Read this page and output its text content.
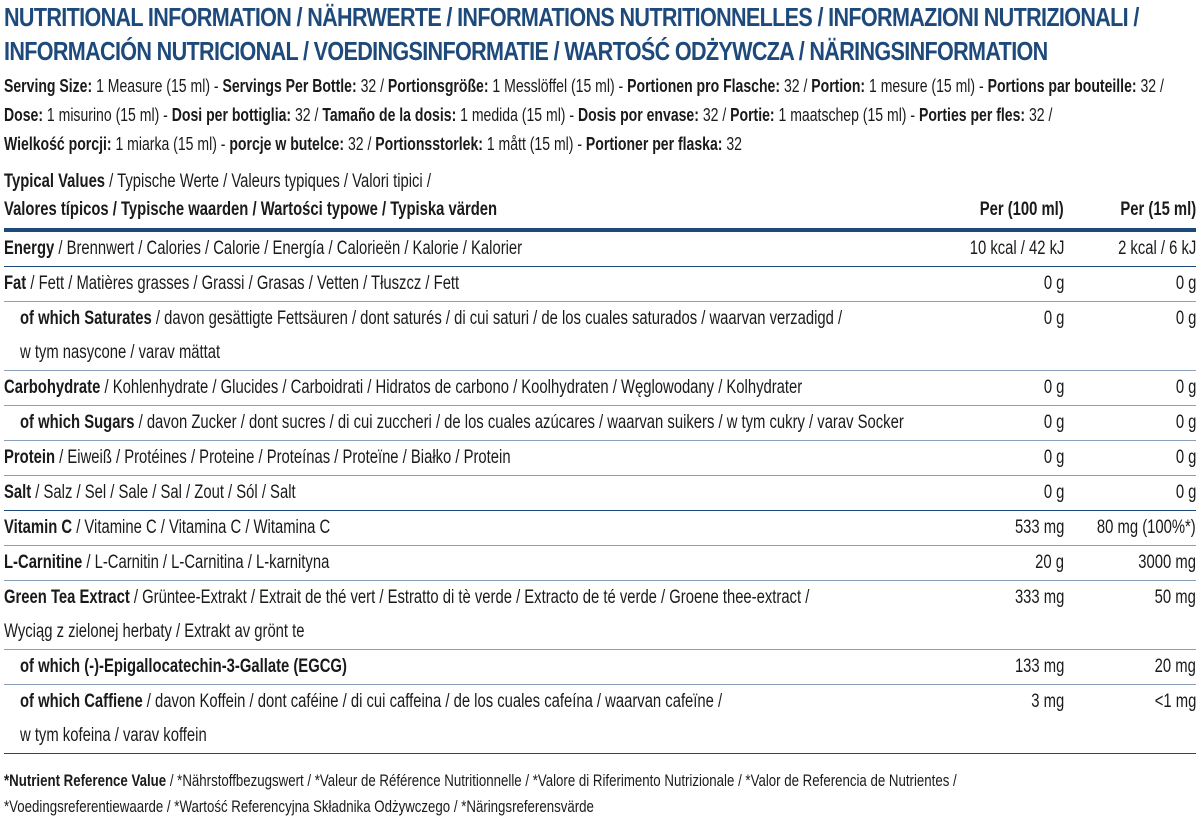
NUTRITIONAL INFORMATION / NÄHRWERTE / INFORMATIONS NUTRITIONNELLES / INFORMAZIONI NUTRIZIONALI /
INFORMACIÓN NUTRICIONAL / VOEDINGSINFORMATIE / WARTOŚĆ ODŻYWCZA / NÄRINGSINFORMATION
Serving Size: 1 Measure (15 ml) - Servings Per Bottle: 32 / Portionsgröße: 1 Messlöffel (15 ml) - Portionen pro Flasche: 32 / Portion: 1 mesure (15 ml) - Portions par bouteille: 32 /
Dose: 1 misurino (15 ml) - Dosi per bottiglia: 32 / Tamaño de la dosis: 1 medida (15 ml) - Dosis por envase: 32 / Portie: 1 maatschep (15 ml) - Porties per fles: 32 /
Wielkość porcji: 1 miarka (15 ml) - porcje w butelce: 32 / Portionsstorlek: 1 mått (15 ml) - Portioner per flaska: 32
Typical Values / Typische Werte / Valeurs typiques / Valori tipici /
Valores típicos / Typische waarden / Wartości typowe / Typiska värden	Per (100 ml)	Per (15 ml)

Energy / Brennwert / Calories / Calorie / Energía / Calorieën / Kalorie / Kalorier	10 kcal / 42 kJ	2 kcal / 6 kJ

Fat / Fett / Matières grasses / Grassi / Grasas / Vetten / Tłuszcz / Fett	0 g	0 g

of which Saturates / davon gesättigte Fettsäuren / dont saturés / di cui saturi / de los cuales saturados / waarvan verzadigd /
w tym nasycone / varav mättat	0 g	0 g

Carbohydrate / Kohlenhydrate / Glucides / Carboidrati / Hidratos de carbono / Koolhydraten / Węglowodany / Kolhydrater	0 g	0 g

of which Sugars / davon Zucker / dont sucres / di cui zuccheri / de los cuales azúcares / waarvan suikers / w tym cukry / varav Socker	0 g	0 g

Protein / Eiweiß / Protéines / Proteine / Proteínas / Proteïne / Białko / Protein	0 g	0 g

Salt / Salz / Sel / Sale / Sal / Zout / Sól / Salt	0 g	0 g

Vitamin C / Vitamine C / Vitamina C / Witamina C	533 mg	80 mg (100%*)

L-Carnitine / L-Carnitin / L-Carnitina / L-karnityna	20 g	3000 mg

Green Tea Extract / Grüntee-Extrakt / Extrait de thé vert / Estratto di tè verde / Extracto de té verde / Groene thee-extract /
Wyciąg z zielonej herbaty / Extrakt av grönt te	333 mg	50 mg

of which (-)-Epigallocatechin-3-Gallate (EGCG)	133 mg	20 mg

of which Caffiene / davon Koffein / dont caféine / di cui caffeina / de los cuales cafeína / waarvan cafeïne /
w tym kofeina / varav koffein	3 mg	<1 mg
*Nutrient Reference Value / *Nährstoffbezugswert / *Valeur de Référence Nutritionnelle / *Valore di Riferimento Nutrizionale / *Valor de Referencia de Nutrientes /
*Voedingsreferentiewaarde / *Wartość Referencyjna Składnika Odżywczego / *Näringsreferensvärde
